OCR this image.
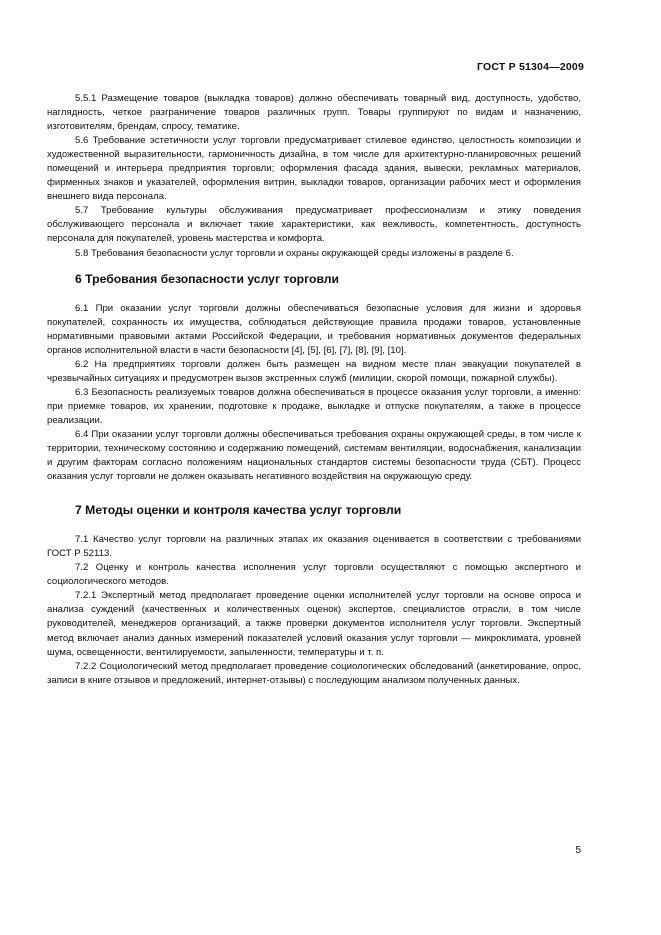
ГОСТ Р 51304—2009

5.5.1 Размещение товаров (выкладка товаров) должно обеспечивать товарный вид, доступность, удобство, наглядность, четкое разграничение товаров различных групп. Товары группируют по видам и назначению, изготовителям, брендам, спросу, тематике.

5.6 Требование эстетичности услуг торговли предусматривает стилевое единство, целостность композиции и художественной выразительности, гармоничность дизайна, в том числе для архитектурно-планировочных решений помещений и интерьера предприятия торговли; оформления фасада здания, вывески, рекламных материалов, фирменных знаков и указателей, оформления витрин, выкладки товаров, организации рабочих мест и оформления внешнего вида персонала.

5.7 Требование культуры обслуживания предусматривает профессионализм и этику поведения обслуживающего персонала и включает такие характеристики, как вежливость, компетентность, доступность персонала для покупателей, уровень мастерства и комфорта.

5.8 Требования безопасности услуг торговли и охраны окружающей среды изложены в разделе 6.

6 Требования безопасности услуг торговли

6.1 При оказании услуг торговли должны обеспечиваться безопасные условия для жизни и здоровья покупателей, сохранность их имущества, соблюдаться действующие правила продажи товаров, установленные нормативными правовыми актами Российской Федерации, и требования нормативных документов федеральных органов исполнительной власти в части безопасности [4], [5], [6], [7], [8], [9], [10].

6.2 На предприятиях торговли должен быть размещен на видном месте план эвакуации покупателей в чрезвычайных ситуациях и предусмотрен вызов экстренных служб (милиции, скорой помощи, пожарной службы).

6.3 Безопасность реализуемых товаров должна обеспечиваться в процессе оказания услуг торговли, а именно: при приемке товаров, их хранении, подготовке к продаже, выкладке и отпуске покупателям, а также в процессе реализации.

6.4 При оказании услуг торговли должны обеспечиваться требования охраны окружающей среды, в том числе к территории, техническому состоянию и содержанию помещений, системам вентиляции, водоснабжения, канализации и другим факторам согласно положениям национальных стандартов системы безопасности труда (СБТ). Процесс оказания услуг торговли не должен оказывать негативного воздействия на окружающую среду.

7 Методы оценки и контроля качества услуг торговли

7.1 Качество услуг торговли на различных этапах их оказания оценивается в соответствии с требованиями ГОСТ Р 52113.

7.2 Оценку и контроль качества исполнения услуг торговли осуществляют с помощью экспертного и социологического методов.

7.2.1 Экспертный метод предполагает проведение оценки исполнителей услуг торговли на основе опроса и анализа суждений (качественных и количественных оценок) экспертов, специалистов отрасли, в том числе руководителей, менеджеров организаций, а также проверки документов исполнителя услуг торговли. Экспертный метод включает анализ данных измерений показателей условий оказания услуг торговли — микроклимата, уровней шума, освещенности, вентилируемости, запыленности, температуры и т. п.

7.2.2 Социологический метод предполагает проведение социологических обследований (анкетирование, опрос, записи в книге отзывов и предложений, интернет-отзывы) с последующим анализом полученных данных.

5
